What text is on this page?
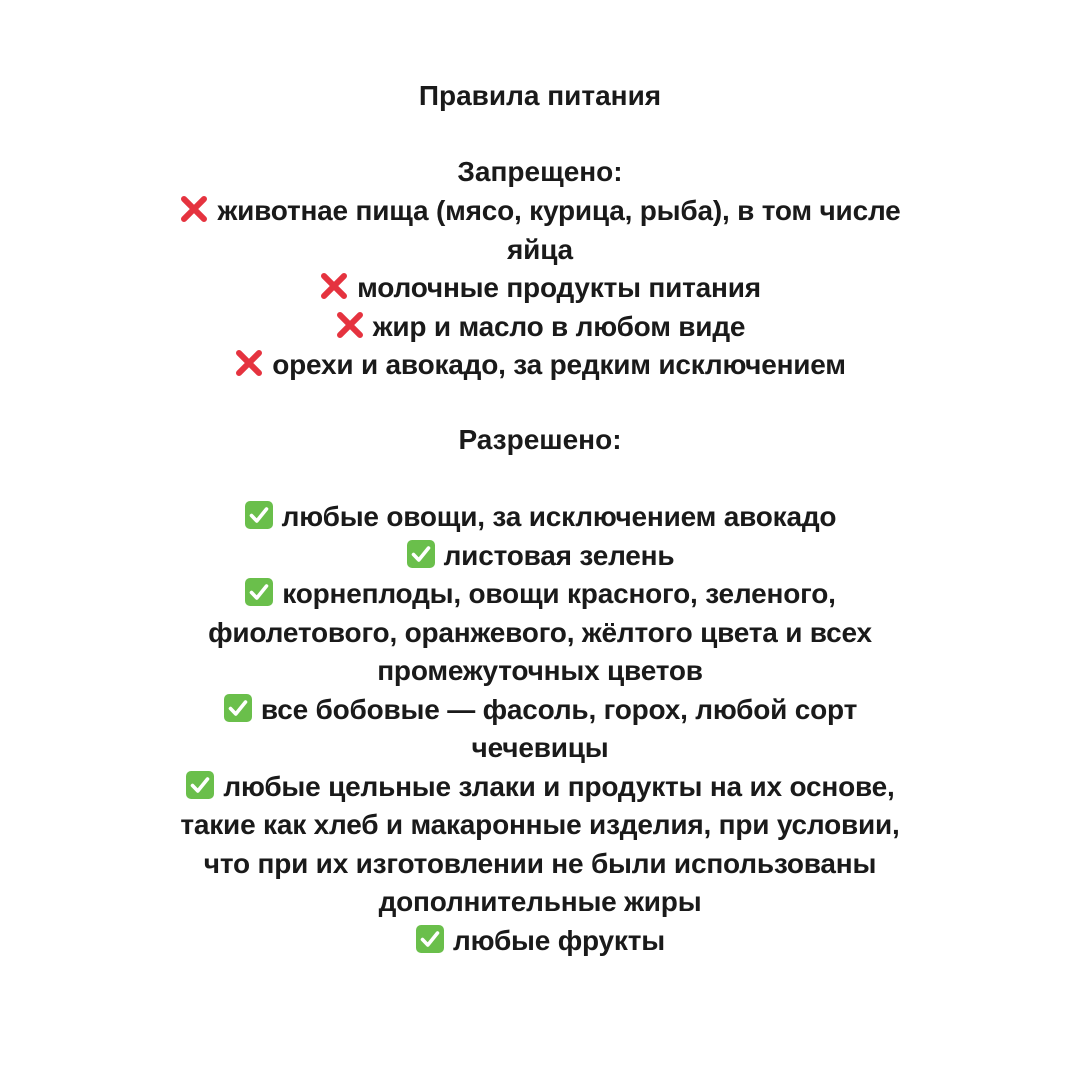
Правила питания
Запрещено:
животнае пища (мясо, курица, рыба), в том числе яйца
молочные продукты питания
жир и масло в любом виде
орехи и авокадо, за редким исключением
Разрешено:
любые овощи, за исключением авокадо
листовая зелень
корнеплоды, овощи красного, зеленого, фиолетового, оранжевого, жёлтого цвета и всех промежуточных цветов
все бобовые — фасоль, горох, любой сорт чечевицы
любые цельные злаки и продукты на их основе, такие как хлеб и макаронные изделия, при условии, что при их изготовлении не были использованы дополнительные жиры
любые фрукты
